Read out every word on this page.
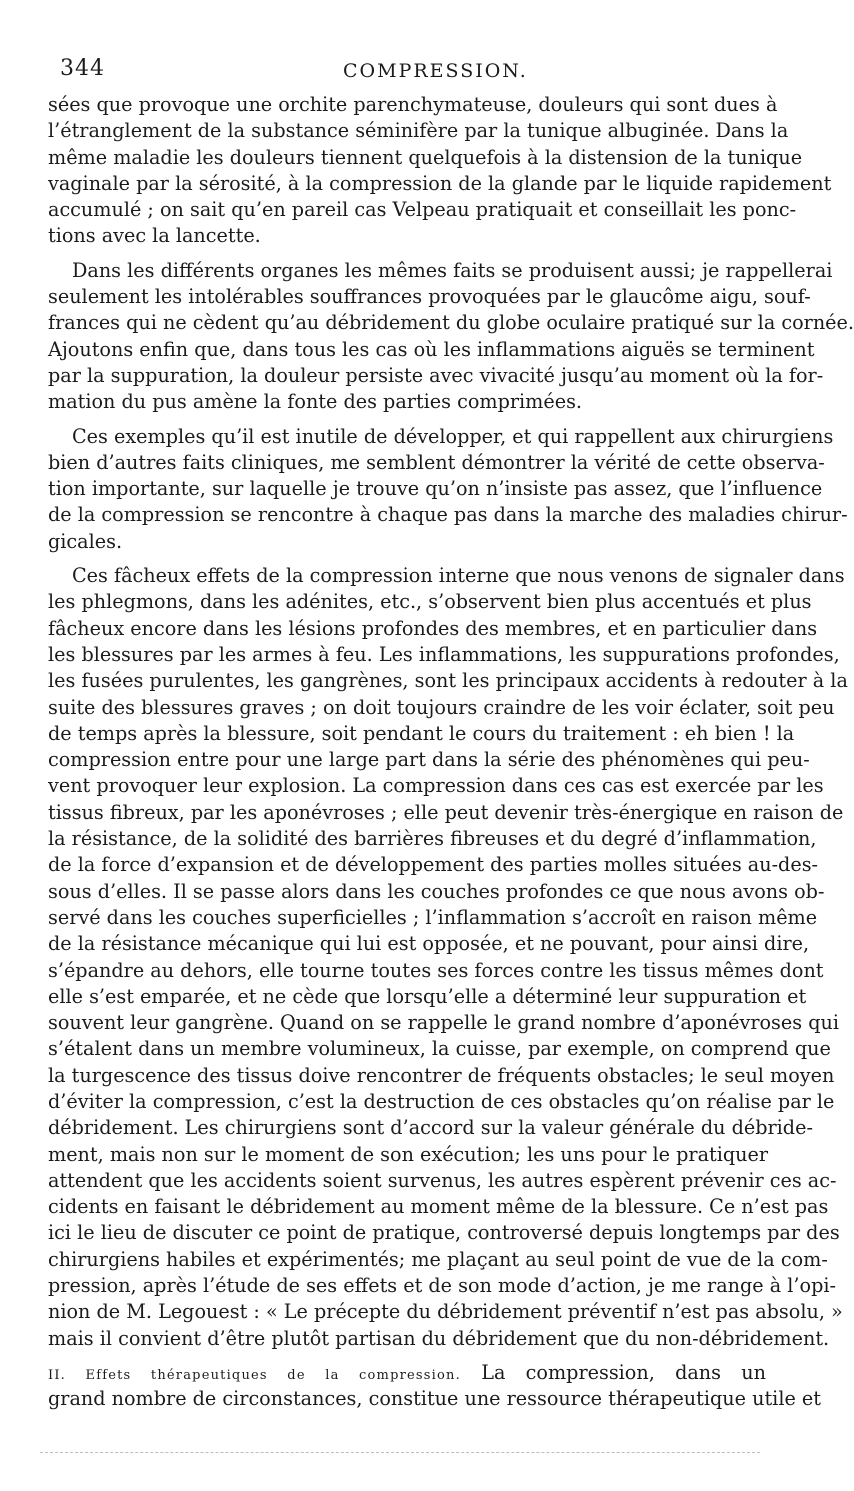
344	COMPRESSION.
sées que provoque une orchite parenchymateuse, douleurs qui sont dues à
l’étranglement de la substance séminifère par la tunique albuginée. Dans la
même maladie les douleurs tiennent quelquefois à la distension de la tunique
vaginale par la sérosité, à la compression de la glande par le liquide rapidement
accumulé ; on sait qu’en pareil cas Velpeau pratiquait et conseillait les ponc-
tions avec la lancette.
Dans les différents organes les mêmes faits se produisent aussi; je rappellerai
seulement les intolérables souffrances provoquées par le glaucôme aigu, souf-
frances qui ne cèdent qu’au débridement du globe oculaire pratiqué sur la cornée.
Ajoutons enfin que, dans tous les cas où les inflammations aiguës se terminent
par la suppuration, la douleur persiste avec vivacité jusqu’au moment où la for-
mation du pus amène la fonte des parties comprimées.
Ces exemples qu’il est inutile de développer, et qui rappellent aux chirurgiens
bien d’autres faits cliniques, me semblent démontrer la vérité de cette observa-
tion importante, sur laquelle je trouve qu’on n’insiste pas assez, que l’influence
de la compression se rencontre à chaque pas dans la marche des maladies chirur-
gicales.
Ces fâcheux effets de la compression interne que nous venons de signaler dans
les phlegmons, dans les adénites, etc., s’observent bien plus accentués et plus
fâcheux encore dans les lésions profondes des membres, et en particulier dans
les blessures par les armes à feu. Les inflammations, les suppurations profondes,
les fusées purulentes, les gangrènes, sont les principaux accidents à redouter à la
suite des blessures graves ; on doit toujours craindre de les voir éclater, soit peu
de temps après la blessure, soit pendant le cours du traitement : eh bien ! la
compression entre pour une large part dans la série des phénomènes qui peu-
vent provoquer leur explosion. La compression dans ces cas est exercée par les
tissus fibreux, par les aponévroses ; elle peut devenir très-énergique en raison de
la résistance, de la solidité des barrières fibreuses et du degré d’inflammation,
de la force d’expansion et de développement des parties molles situées au-des-
sous d’elles. Il se passe alors dans les couches profondes ce que nous avons ob-
servé dans les couches superficielles ; l’inflammation s’accroît en raison même
de la résistance mécanique qui lui est opposée, et ne pouvant, pour ainsi dire,
s’épandre au dehors, elle tourne toutes ses forces contre les tissus mêmes dont
elle s’est emparée, et ne cède que lorsqu’elle a déterminé leur suppuration et
souvent leur gangrène. Quand on se rappelle le grand nombre d’aponévroses qui
s’étalent dans un membre volumineux, la cuisse, par exemple, on comprend que
la turgescence des tissus doive rencontrer de fréquents obstacles; le seul moyen
d’éviter la compression, c’est la destruction de ces obstacles qu’on réalise par le
débridement. Les chirurgiens sont d’accord sur la valeur générale du débride-
ment, mais non sur le moment de son exécution; les uns pour le pratiquer
attendent que les accidents soient survenus, les autres espèrent prévenir ces ac-
cidents en faisant le débridement au moment même de la blessure. Ce n’est pas
ici le lieu de discuter ce point de pratique, controversé depuis longtemps par des
chirurgiens habiles et expérimentés; me plaçant au seul point de vue de la com-
pression, après l’étude de ses effets et de son mode d’action, je me range à l’opi-
nion de M. Legouest : « Le précepte du débridement préventif n’est pas absolu, »
mais il convient d’être plutôt partisan du débridement que du non-débridement.
II. Effets thérapeutiques de la compression. La compression, dans un
grand nombre de circonstances, constitue une ressource thérapeutique utile et
